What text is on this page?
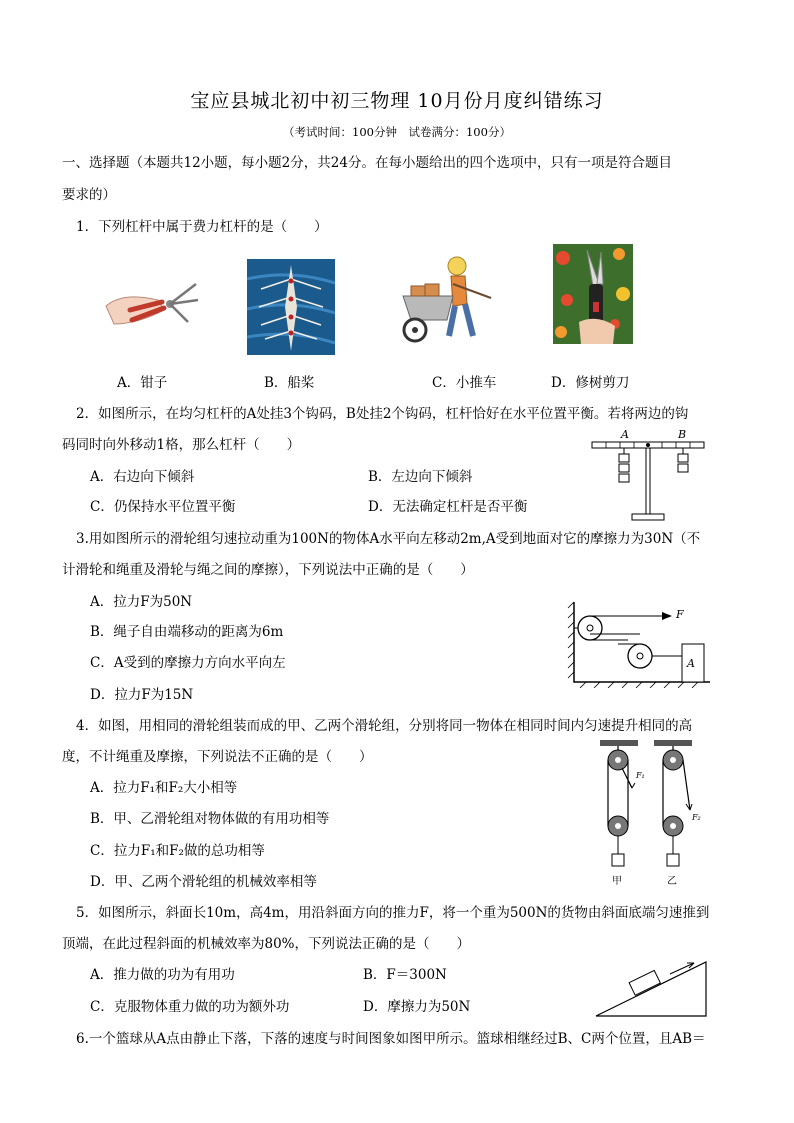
宝应县城北初中初三物理 10月份月度纠错练习
（考试时间：100分钟　试卷满分：100分）
一、选择题（本题共12小题，每小题2分，共24分。在每小题给出的四个选项中，只有一项是符合题目
要求的）
1．下列杠杆中属于费力杠杆的是（　　）
A．钳子	B．船桨	C．小推车	D．修树剪刀
2．如图所示，在均匀杠杆的A处挂3个钩码，B处挂2个钩码，杠杆恰好在水平位置平衡。若将两边的钩
码同时向外移动1格，那么杠杆（　　）
A．右边向下倾斜	B．左边向下倾斜
C．仍保持水平位置平衡	D．无法确定杠杆是否平衡
A	B
3.用如图所示的滑轮组匀速拉动重为100N的物体A水平向左移动2m,A受到地面对它的摩擦力为30N（不
计滑轮和绳重及滑轮与绳之间的摩擦），下列说法中正确的是（　　）
A．拉力F为50N
B．绳子自由端移动的距离为6m
C．A受到的摩擦力方向水平向左
D．拉力F为15N
F
A
4．如图，用相同的滑轮组装而成的甲、乙两个滑轮组，分别将同一物体在相同时间内匀速提升相同的高
度，不计绳重及摩擦，下列说法不正确的是（　　）
A．拉力F₁和F₂大小相等
B．甲、乙滑轮组对物体做的有用功相等
C．拉力F₁和F₂做的总功相等
D．甲、乙两个滑轮组的机械效率相等
F₁
甲
F₂
乙
5．如图所示，斜面长10m，高4m，用沿斜面方向的推力F，将一个重为500N的货物由斜面底端匀速推到
顶端，在此过程斜面的机械效率为80%，下列说法正确的是（　　）
A．推力做的功为有用功	B．F＝300N
C．克服物体重力做的功为额外功	D．摩擦力为50N
6.一个篮球从A点由静止下落，下落的速度与时间图象如图甲所示。篮球相继经过B、C两个位置，且AB＝
